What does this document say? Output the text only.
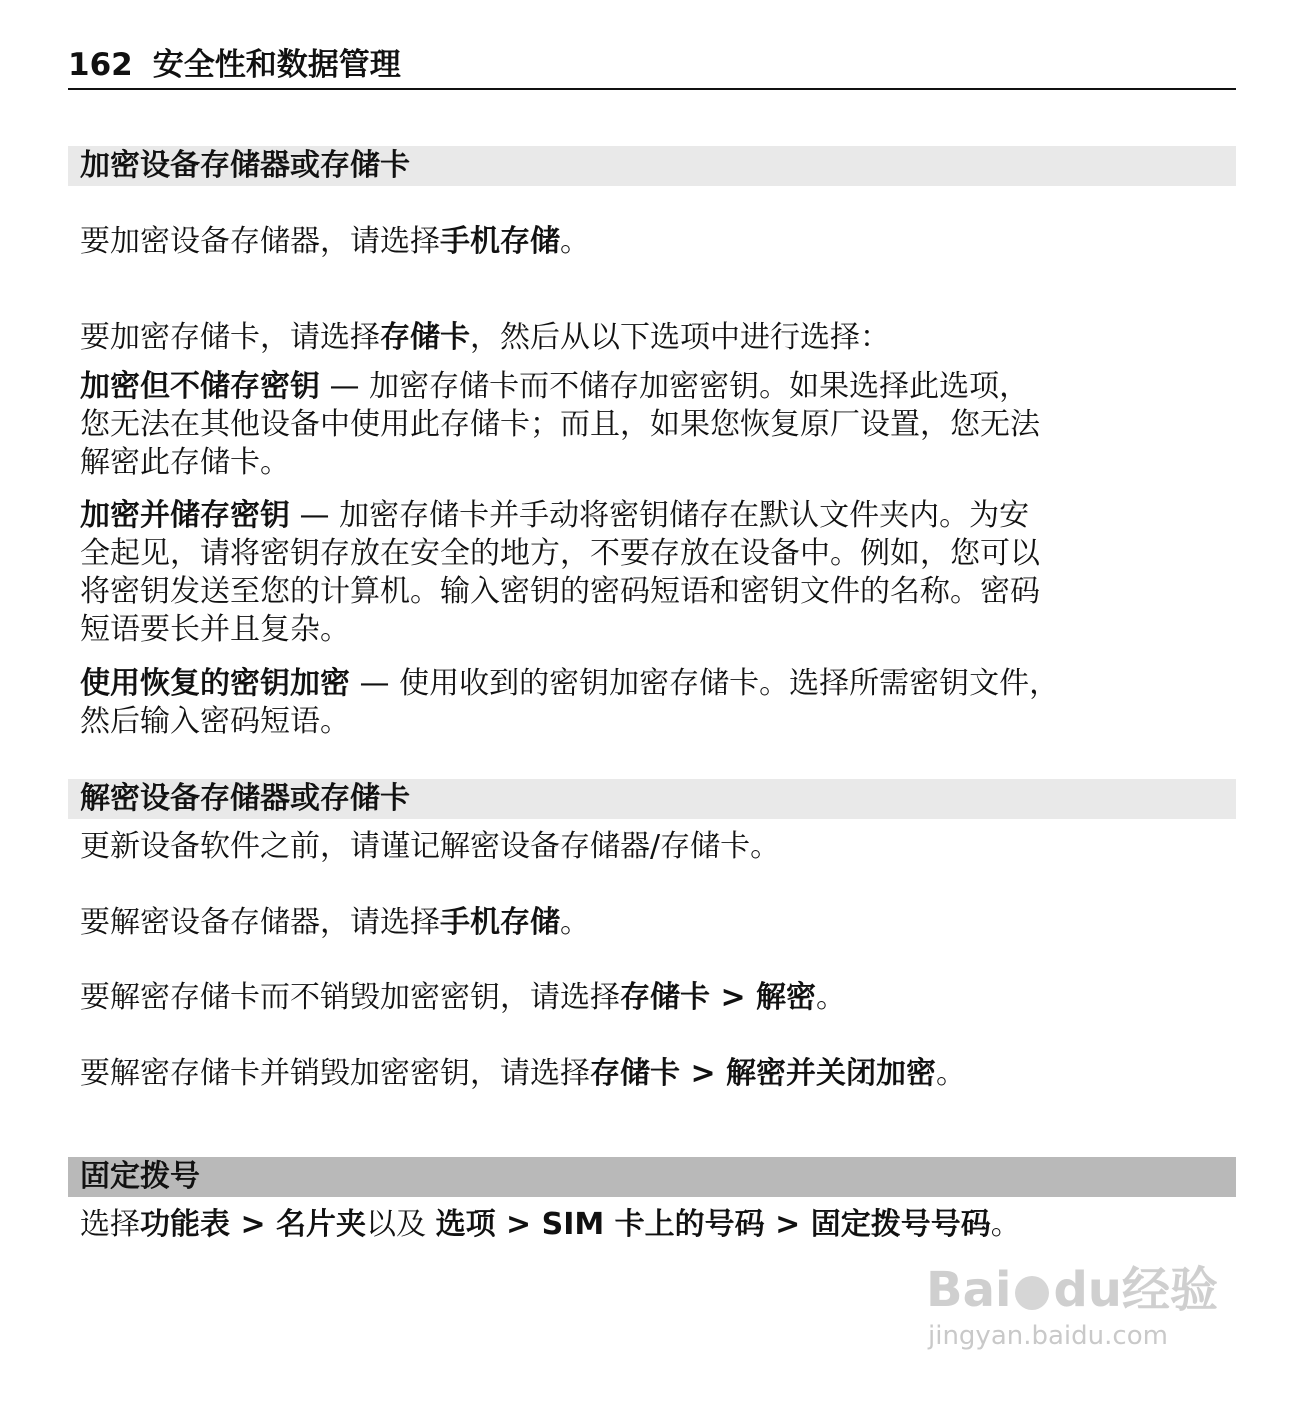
162 安全性和数据管理
加密设备存储器或存储卡
要加密设备存储器，请选择手机存储。
要加密存储卡，请选择存储卡，然后从以下选项中进行选择：
加密但不储存密钥 — 加密存储卡而不储存加密密钥。如果选择此选项，
您无法在其他设备中使用此存储卡；而且，如果您恢复原厂设置，您无法
解密此存储卡。
加密并储存密钥 — 加密存储卡并手动将密钥储存在默认文件夹内。为安
全起见，请将密钥存放在安全的地方，不要存放在设备中。例如，您可以
将密钥发送至您的计算机。输入密钥的密码短语和密钥文件的名称。密码
短语要长并且复杂。
使用恢复的密钥加密 — 使用收到的密钥加密存储卡。选择所需密钥文件，
然后输入密码短语。
解密设备存储器或存储卡
更新设备软件之前，请谨记解密设备存储器/存储卡。
要解密设备存储器，请选择手机存储。
要解密存储卡而不销毁加密密钥，请选择存储卡 > 解密。
要解密存储卡并销毁加密密钥，请选择存储卡 > 解密并关闭加密。
固定拨号
选择功能表 > 名片夹以及 选项 > SIM 卡上的号码 > 固定拨号号码。
Bai du经验
jingyan.baidu.com
